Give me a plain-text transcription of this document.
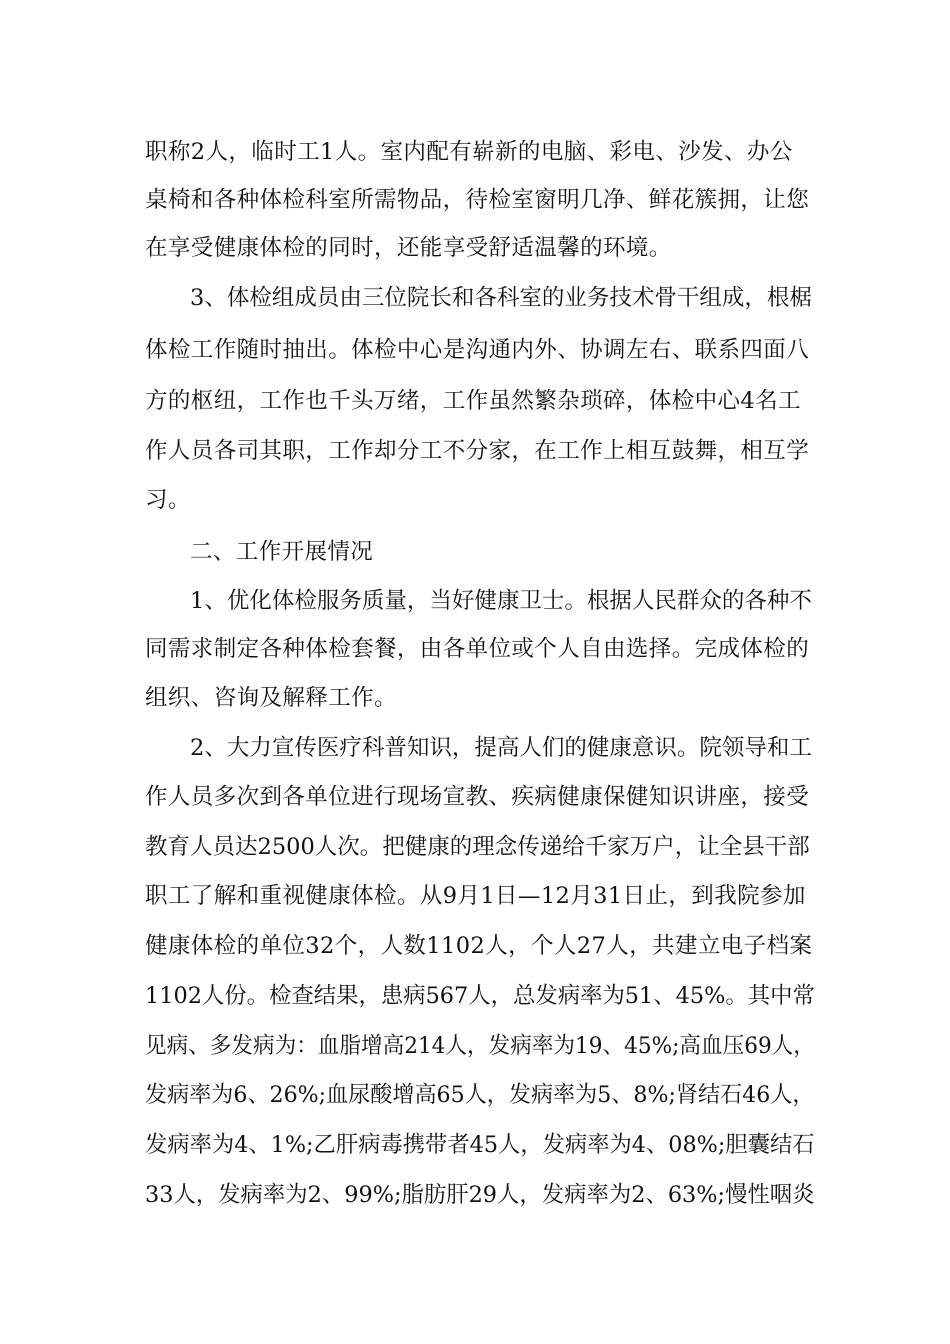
职称2人，临时工1人。室内配有崭新的电脑、彩电、沙发、办公
桌椅和各种体检科室所需物品，待检室窗明几净、鲜花簇拥，让您
在享受健康体检的同时，还能享受舒适温馨的环境。
3、体检组成员由三位院长和各科室的业务技术骨干组成，根椐
体检工作随时抽出。体检中心是沟通内外、协调左右、联系四面八
方的枢纽，工作也千头万绪，工作虽然繁杂琐碎，体检中心4名工
作人员各司其职，工作却分工不分家，在工作上相互鼓舞，相互学
习。
二、工作开展情况
1、优化体检服务质量，当好健康卫士。根据人民群众的各种不
同需求制定各种体检套餐，由各单位或个人自由选择。完成体检的
组织、咨询及解释工作。
2、大力宣传医疗科普知识，提高人们的健康意识。院领导和工
作人员多次到各单位进行现场宣教、疾病健康保健知识讲座，接受
教育人员达2500人次。把健康的理念传递给千家万户，让全县干部
职工了解和重视健康体检。从9月1日—12月31日止，到我院参加
健康体检的单位32个，人数1102人，个人27人，共建立电子档案
1102人份。检查结果，患病567人，总发病率为51、45%。其中常
见病、多发病为：血脂增高214人，发病率为19、45%;高血压69人，
发病率为6、26%;血尿酸增高65人，发病率为5、8%;肾结石46人，
发病率为4、1%;乙肝病毒携带者45人，发病率为4、08%;胆囊结石
33人，发病率为2、99%;脂肪肝29人，发病率为2、63%;慢性咽炎
